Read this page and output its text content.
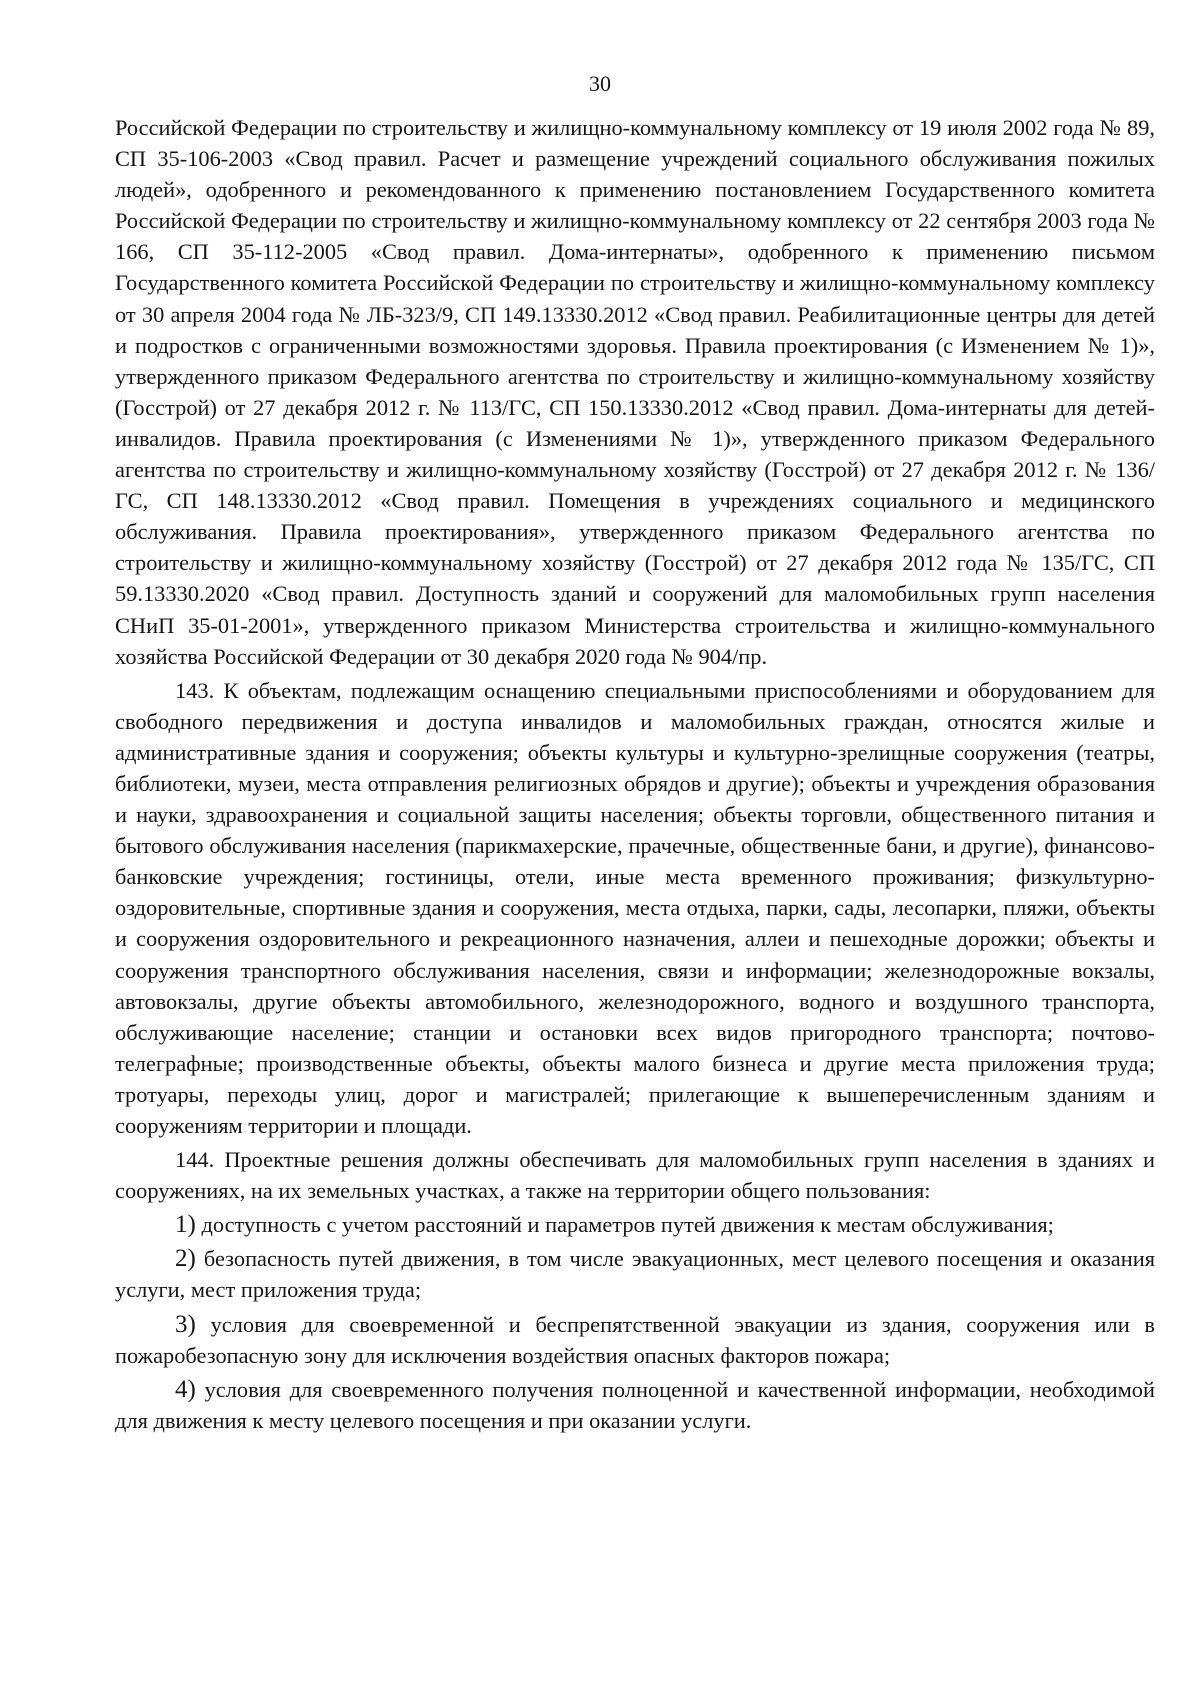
30

Российской Федерации по строительству и жилищно-коммунальному комплексу от 19 июля 2002 года № 89, СП 35-106-2003 «Свод правил. Расчет и размещение учреждений социального обслуживания пожилых людей», одобренного и рекомендованного к применению постановлением Государственного комитета Российской Федерации по строительству и жилищно-коммунальному комплексу от 22 сентября 2003 года № 166, СП 35-112-2005 «Свод правил. Дома-интернаты», одобренного к применению письмом Государственного комитета Российской Федерации по строительству и жилищно-коммунальному комплексу от 30 апреля 2004 года № ЛБ-323/9, СП 149.13330.2012 «Свод правил. Реабилитационные центры для детей и подростков с ограниченными возможностями здоровья. Правила проектирования (с Изменением № 1)», утвержденного приказом Федерального агентства по строительству и жилищно-коммунальному хозяйству (Госстрой) от 27 декабря 2012 г. № 113/ГС, СП 150.13330.2012 «Свод правил. Дома-интернаты для детей-инвалидов. Правила проектирования (с Изменениями № 1)», утвержденного приказом Федерального агентства по строительству и жилищно-коммунальному хозяйству (Госстрой) от 27 декабря 2012 г. № 136/ГС, СП 148.13330.2012 «Свод правил. Помещения в учреждениях социального и медицинского обслуживания. Правила проектирования», утвержденного приказом Федерального агентства по строительству и жилищно-коммунальному хозяйству (Госстрой) от 27 декабря 2012 года № 135/ГС, СП 59.13330.2020 «Свод правил. Доступность зданий и сооружений для маломобильных групп населения СНиП 35-01-2001», утвержденного приказом Министерства строительства и жилищно-коммунального хозяйства Российской Федерации от 30 декабря 2020 года № 904/пр.

143. К объектам, подлежащим оснащению специальными приспособлениями и оборудованием для свободного передвижения и доступа инвалидов и маломобильных граждан, относятся жилые и административные здания и сооружения; объекты культуры и культурно-зрелищные сооружения (театры, библиотеки, музеи, места отправления религиозных обрядов и другие); объекты и учреждения образования и науки, здравоохранения и социальной защиты населения; объекты торговли, общественного питания и бытового обслуживания населения (парикмахерские, прачечные, общественные бани, и другие), финансово-банковские учреждения; гостиницы, отели, иные места временного проживания; физкультурно-оздоровительные, спортивные здания и сооружения, места отдыха, парки, сады, лесопарки, пляжи, объекты и сооружения оздоровительного и рекреационного назначения, аллеи и пешеходные дорожки; объекты и сооружения транспортного обслуживания населения, связи и информации; железнодорожные вокзалы, автовокзалы, другие объекты автомобильного, железнодорожного, водного и воздушного транспорта, обслуживающие население; станции и остановки всех видов пригородного транспорта; почтово-телеграфные; производственные объекты, объекты малого бизнеса и другие места приложения труда; тротуары, переходы улиц, дорог и магистралей; прилегающие к вышеперечисленным зданиям и сооружениям территории и площади.

144. Проектные решения должны обеспечивать для маломобильных групп населения в зданиях и сооружениях, на их земельных участках, а также на территории общего пользования:

1) доступность с учетом расстояний и параметров путей движения к местам обслуживания;

2) безопасность путей движения, в том числе эвакуационных, мест целевого посещения и оказания услуги, мест приложения труда;

3) условия для своевременной и беспрепятственной эвакуации из здания, сооружения или в пожаробезопасную зону для исключения воздействия опасных факторов пожара;

4) условия для своевременного получения полноценной и качественной информации, необходимой для движения к месту целевого посещения и при оказании услуги.
